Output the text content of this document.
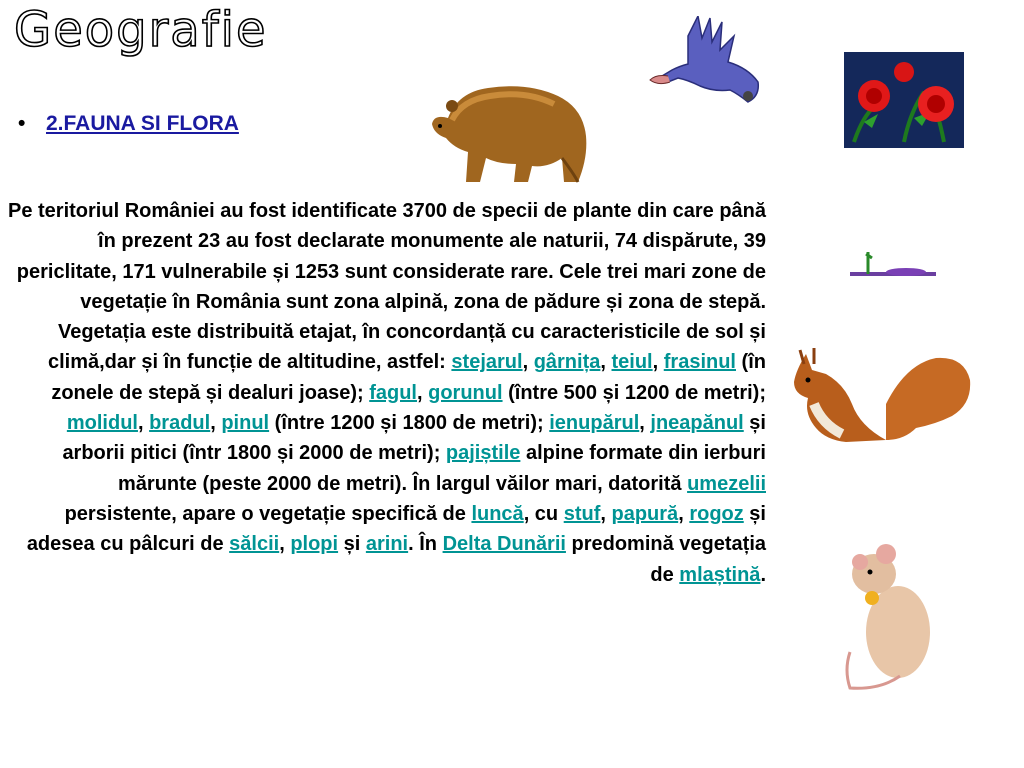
Geografie
• 2.FAUNA SI FLORA
Pe teritoriul României au fost identificate 3700 de specii de plante din care până în prezent 23 au fost declarate monumente ale naturii, 74 dispărute, 39 periclitate, 171 vulnerabile și 1253 sunt considerate rare. Cele trei mari zone de vegetație în România sunt zona alpină, zona de pădure și zona de stepă. Vegetația este distribuită etajat, în concordanță cu caracteristicile de sol și climă,dar și în funcție de altitudine, astfel: stejarul, gârnița, teiul, frasinul (în zonele de stepă și dealuri joase); fagul, gorunul (între 500 și 1200 de metri); molidul, bradul, pinul (între 1200 și 1800 de metri); ienupărul, jneapănul și arborii pitici (într 1800 și 2000 de metri); pajiștile alpine formate din ierburi mărunte (peste 2000 de metri). În largul văilor mari, datorită umezelii persistente, apare o vegetație specifică de luncă, cu stuf, papură, rogoz și adesea cu pâlcuri de sălcii, plopi și arini. În Delta Dunării predomină vegetația de mlaștină.
